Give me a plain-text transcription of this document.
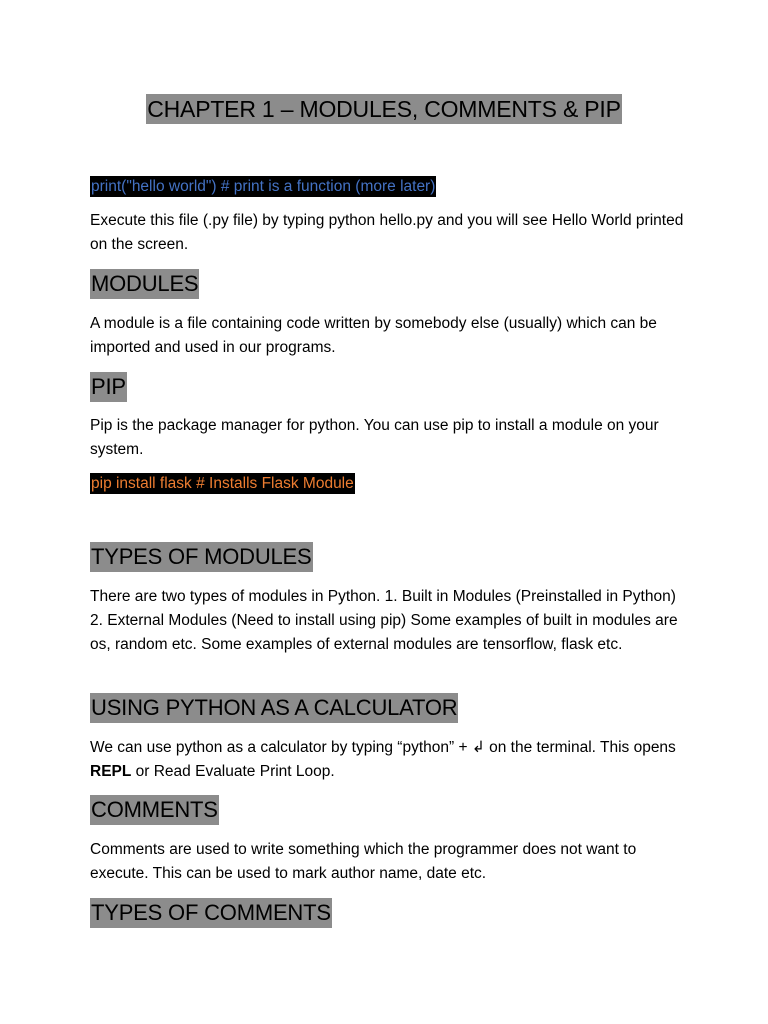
CHAPTER 1 – MODULES, COMMENTS & PIP
print("hello world") # print is a function (more later)

Execute this file (.py file) by typing python hello.py and you will see Hello World printed on the screen.

MODULES

A module is a file containing code written by somebody else (usually) which can be imported and used in our programs.

PIP

Pip is the package manager for python. You can use pip to install a module on your system.

pip install flask # Installs Flask Module
TYPES OF MODULES

There are two types of modules in Python. 1. Built in Modules (Preinstalled in Python) 2. External Modules (Need to install using pip) Some examples of built in modules are os, random etc. Some examples of external modules are tensorflow, flask etc.

USING PYTHON AS A CALCULATOR

We can use python as a calculator by typing “python” + ↲ on the terminal. This opens REPL or Read Evaluate Print Loop.

COMMENTS

Comments are used to write something which the programmer does not want to execute. This can be used to mark author name, date etc.

TYPES OF COMMENTS
